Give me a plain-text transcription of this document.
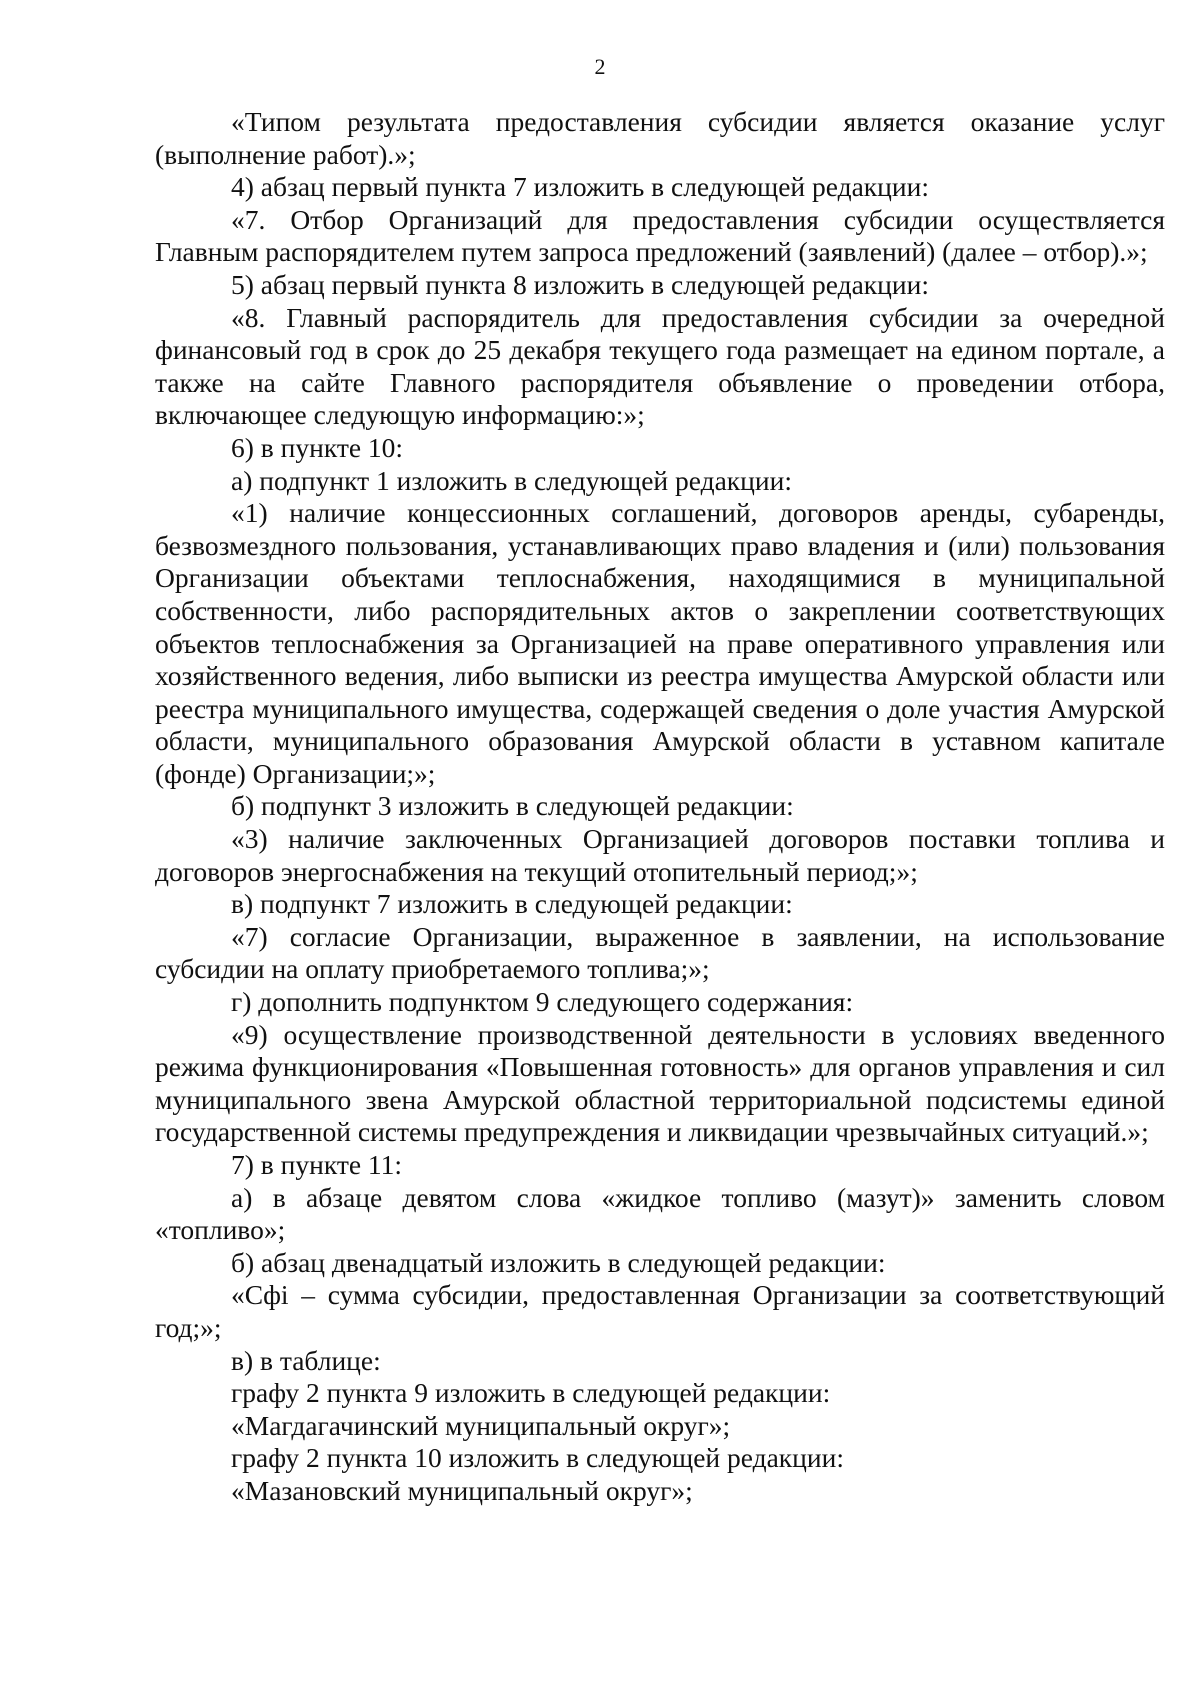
2

«Типом результата предоставления субсидии является оказание услуг (выполнение работ).»;

4) абзац первый пункта 7 изложить в следующей редакции:

«7. Отбор Организаций для предоставления субсидии осуществляется Главным распорядителем путем запроса предложений (заявлений) (далее – отбор).»;

5) абзац первый пункта 8 изложить в следующей редакции:

«8. Главный распорядитель для предоставления субсидии за очередной финансовый год в срок до 25 декабря текущего года размещает на едином портале, а также на сайте Главного распорядителя объявление о проведении отбора, включающее следующую информацию:»;

6) в пункте 10:

а) подпункт 1 изложить в следующей редакции:

«1) наличие концессионных соглашений, договоров аренды, субаренды, безвозмездного пользования, устанавливающих право владения и (или) пользования Организации объектами теплоснабжения, находящимися в муниципальной собственности, либо распорядительных актов о закреплении соответствующих объектов теплоснабжения за Организацией на праве оперативного управления или хозяйственного ведения, либо выписки из реестра имущества Амурской области или реестра муниципального имущества, содержащей сведения о доле участия Амурской области, муниципального образования Амурской области в уставном капитале (фонде) Организации;»;

б) подпункт 3 изложить в следующей редакции:

«3) наличие заключенных Организацией договоров поставки топлива и договоров энергоснабжения на текущий отопительный период;»;

в) подпункт 7 изложить в следующей редакции:

«7) согласие Организации, выраженное в заявлении, на использование субсидии на оплату приобретаемого топлива;»;

г) дополнить подпунктом 9 следующего содержания:

«9) осуществление производственной деятельности в условиях введенного режима функционирования «Повышенная готовность» для органов управления и сил муниципального звена Амурской областной территориальной подсистемы единой государственной системы предупреждения и ликвидации чрезвычайных ситуаций.»;

7) в пункте 11:

а) в абзаце девятом слова «жидкое топливо (мазут)» заменить словом «топливо»;

б) абзац двенадцатый изложить в следующей редакции:

«Сфi – сумма субсидии, предоставленная Организации за соответствующий год;»;

в) в таблице:

графу 2 пункта 9 изложить в следующей редакции:

«Магдагачинский муниципальный округ»;

графу 2 пункта 10 изложить в следующей редакции:

«Мазановский муниципальный округ»;
